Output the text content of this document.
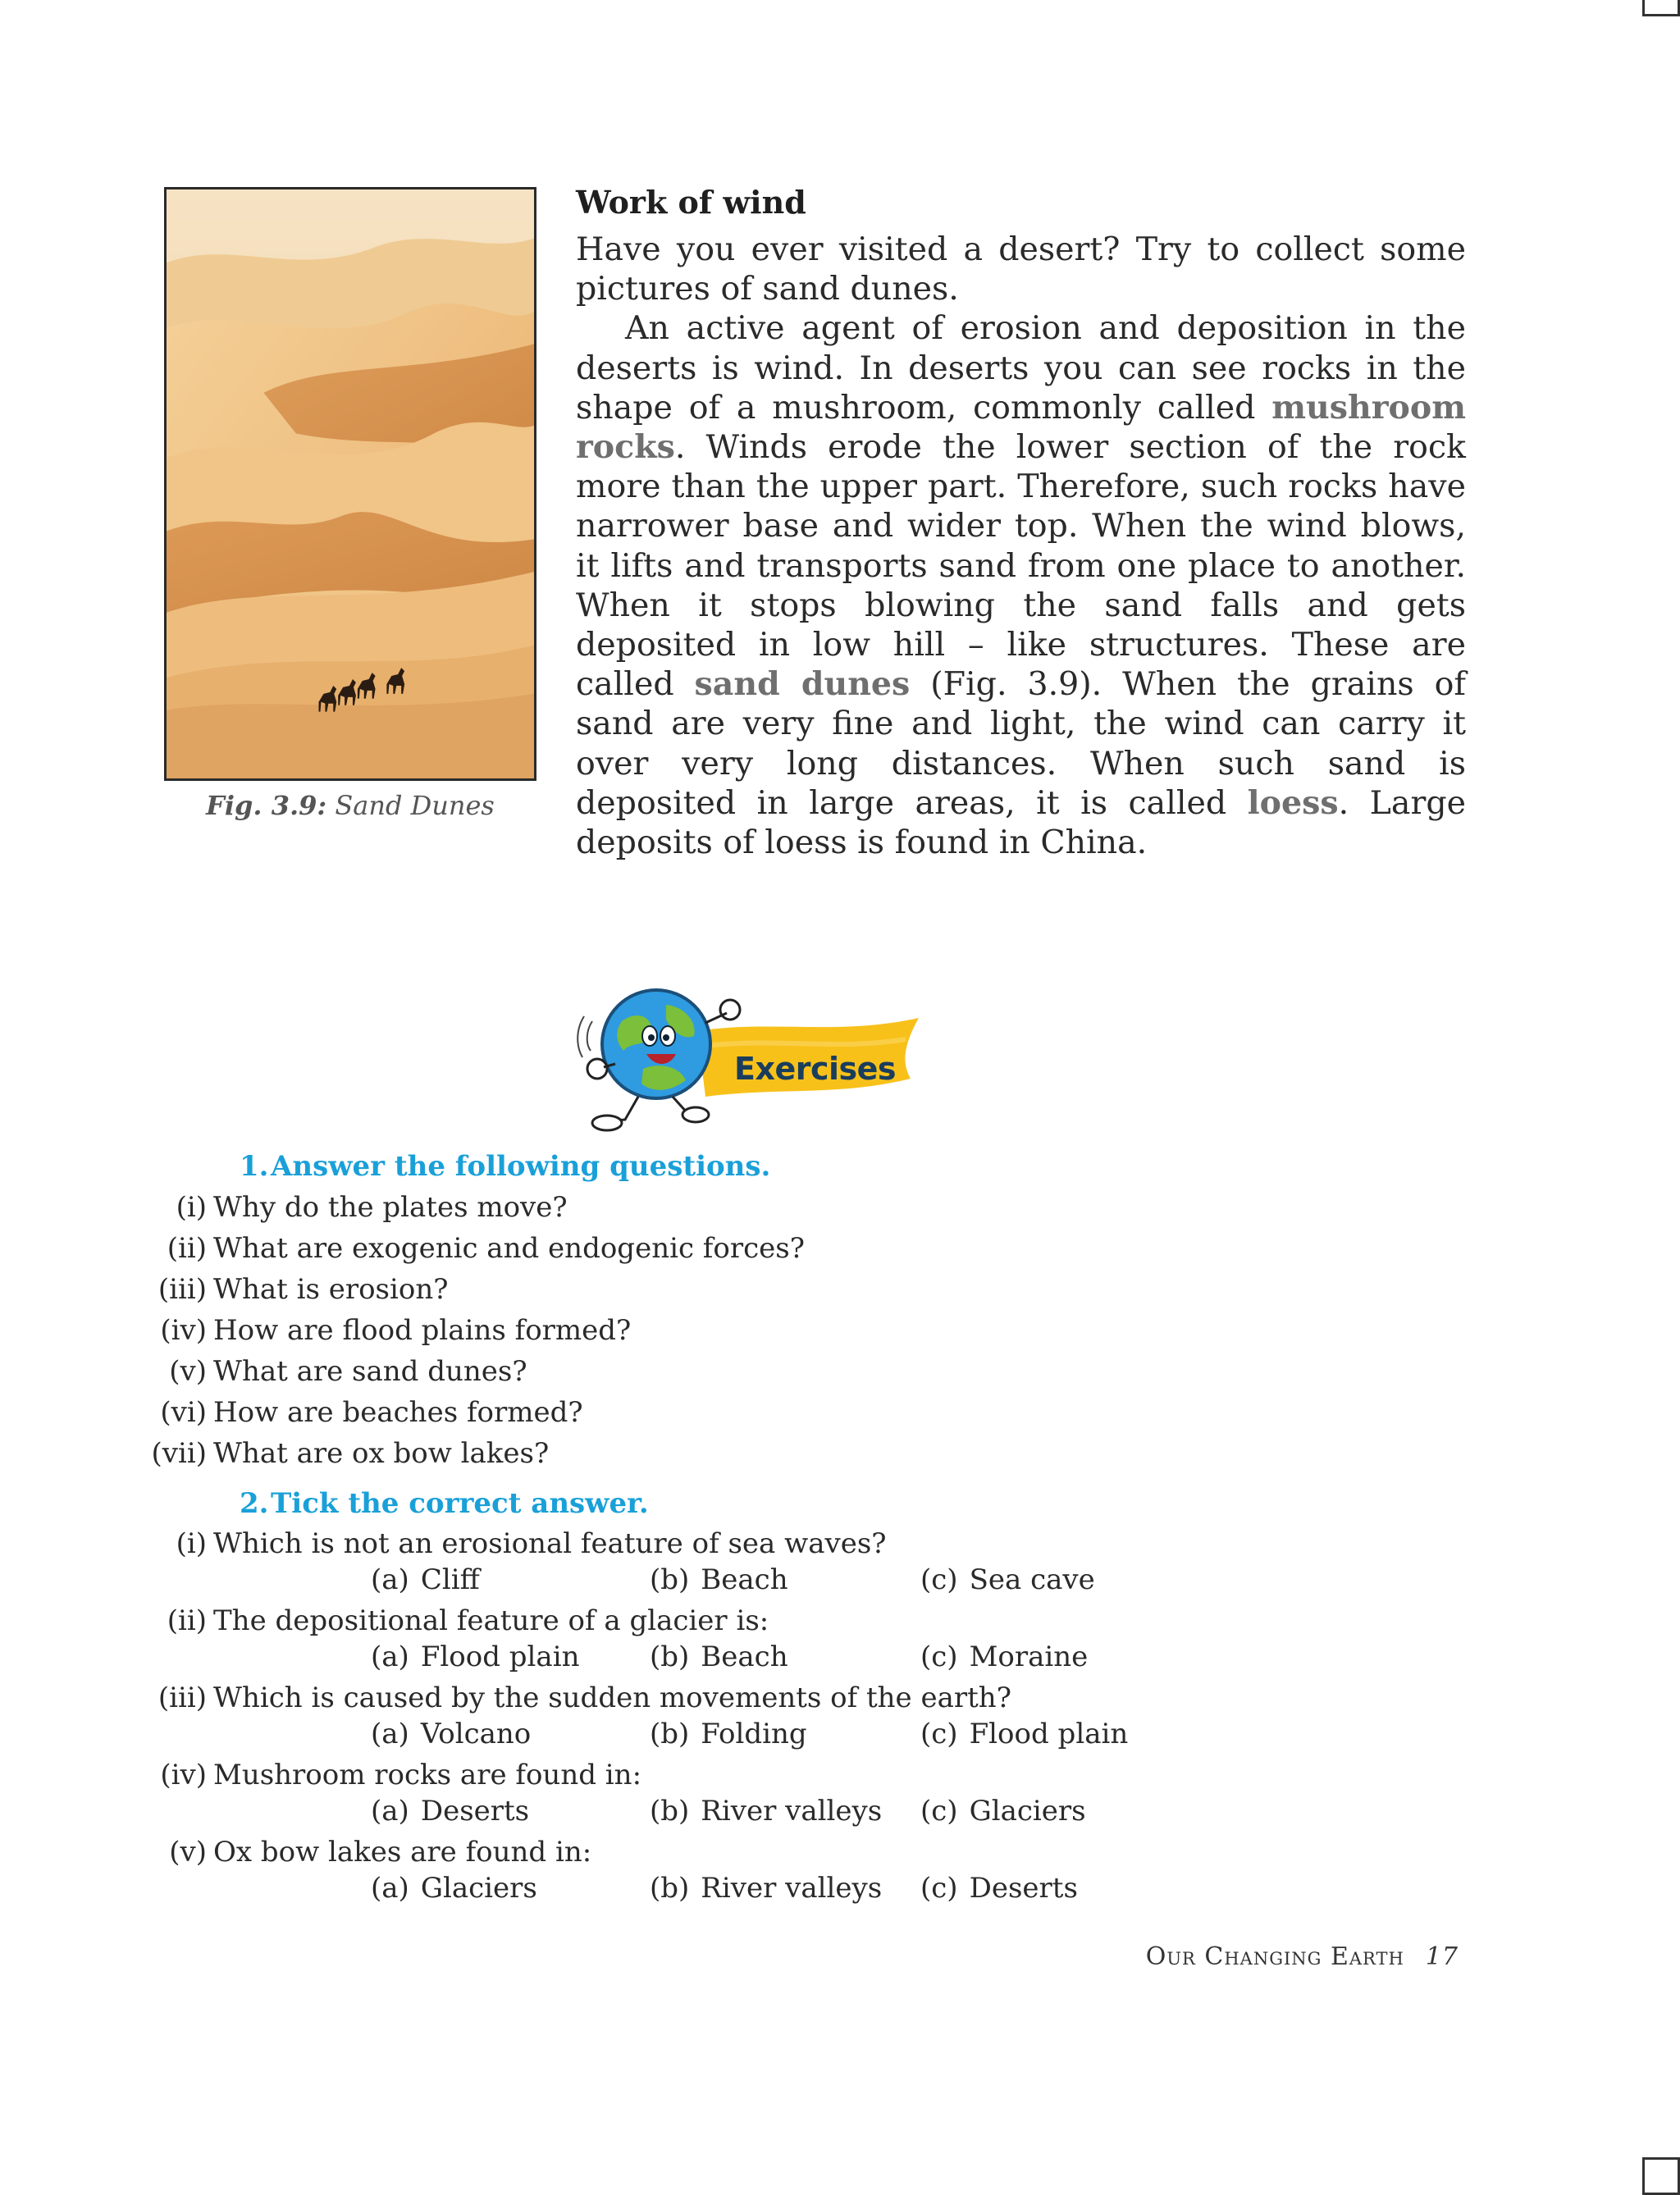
Fig. 3.9: Sand Dunes
Work of wind

Have you ever visited a desert? Try to collect some pictures of sand dunes.

An active agent of erosion and deposition in the deserts is wind. In deserts you can see rocks in the shape of a mushroom, commonly called mushroom rocks. Winds erode the lower section of the rock more than the upper part. Therefore, such rocks have narrower base and wider top. When the wind blows, it lifts and transports sand from one place to another. When it stops blowing the sand falls and gets deposited in low hill – like structures. These are called sand dunes (Fig. 3.9). When the grains of sand are very fine and light, the wind can carry it over very long distances. When such sand is deposited in large areas, it is called loess. Large deposits of loess is found in China.

Exercises
1. Answer the following questions.
(i) Why do the plates move?
(ii) What are exogenic and endogenic forces?
(iii) What is erosion?
(iv) How are flood plains formed?
(v) What are sand dunes?
(vi) How are beaches formed?
(vii) What are ox bow lakes?
2. Tick the correct answer.
(i) Which is not an erosional feature of sea waves?
(a) Cliff	(b) Beach	(c) Sea cave
(ii) The depositional feature of a glacier is:
(a) Flood plain	(b) Beach	(c) Moraine
(iii) Which is caused by the sudden movements of the earth?
(a) Volcano	(b) Folding	(c) Flood plain
(iv) Mushroom rocks are found in:
(a) Deserts	(b) River valleys (c) Glaciers
(v) Ox bow lakes are found in:
(a) Glaciers	(b) River valleys (c) Deserts
Our Changing Earth 17
